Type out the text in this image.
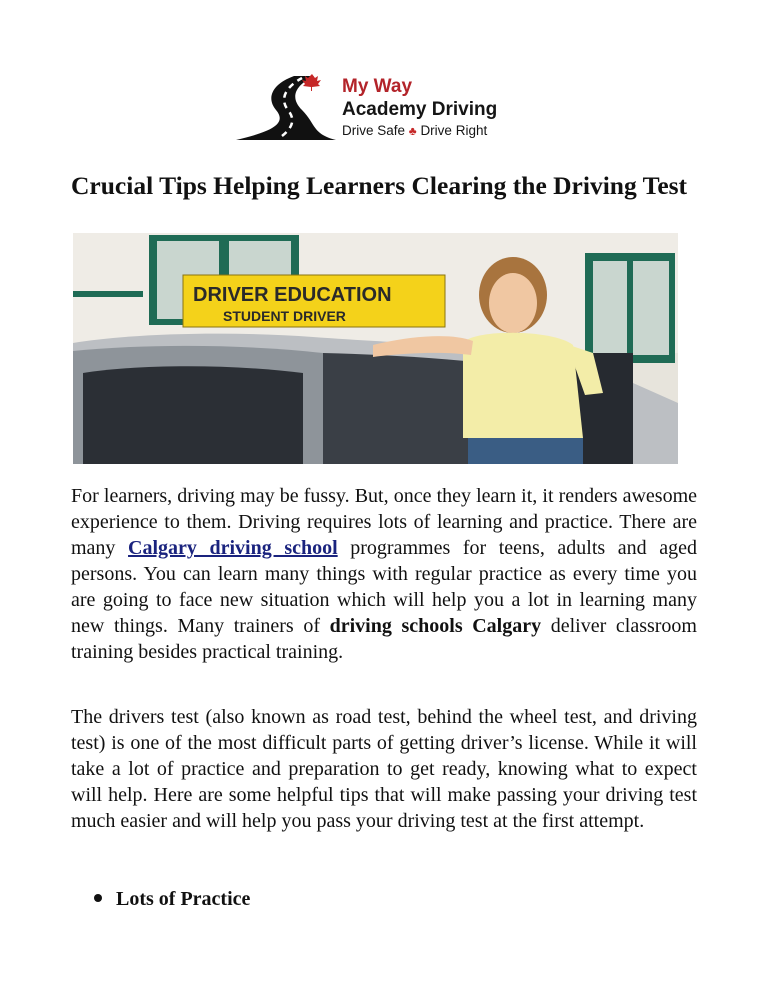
My Way
Academy Driving
Drive Safe ♣ Drive Right
Crucial Tips Helping Learners Clearing the Driving Test
DRIVER EDUCATION
STUDENT DRIVER

For learners, driving may be fussy. But, once they learn it, it renders awesome experience to them. Driving requires lots of learning and practice. There are many Calgary driving school programmes for teens, adults and aged persons. You can learn many things with regular practice as every time you are going to face new situation which will help you a lot in learning many new things. Many trainers of driving schools Calgary deliver classroom training besides practical training.

The drivers test (also known as road test, behind the wheel test, and driving test) is one of the most difficult parts of getting driver’s license. While it will take a lot of practice and preparation to get ready, knowing what to expect will help. Here are some helpful tips that will make passing your driving test much easier and will help you pass your driving test at the first attempt.

Lots of Practice
